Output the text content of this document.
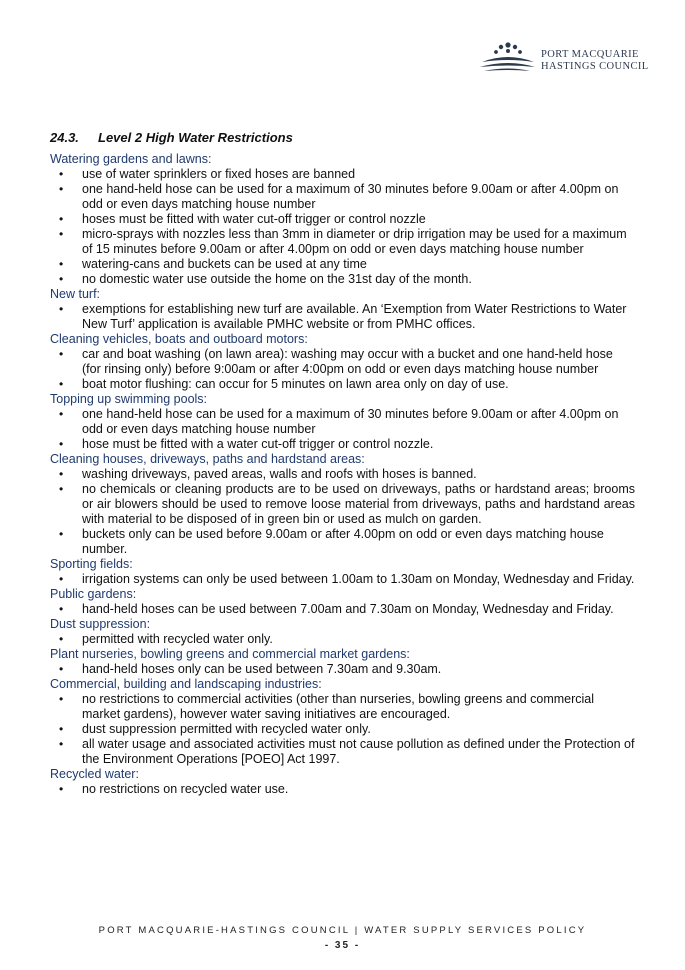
PORT MACQUARIE
HASTINGS COUNCIL
24.3. Level 2 High Water Restrictions
Watering gardens and lawns:
• use of water sprinklers or fixed hoses are banned
• one hand-held hose can be used for a maximum of 30 minutes before 9.00am or after 4.00pm on odd or even days matching house number
• hoses must be fitted with water cut-off trigger or control nozzle
• micro-sprays with nozzles less than 3mm in diameter or drip irrigation may be used for a maximum of 15 minutes before 9.00am or after 4.00pm on odd or even days matching house number
• watering-cans and buckets can be used at any time
• no domestic water use outside the home on the 31st day of the month.
New turf:
• exemptions for establishing new turf are available. An ‘Exemption from Water Restrictions to Water New Turf’ application is available PMHC website or from PMHC offices.
Cleaning vehicles, boats and outboard motors:
• car and boat washing (on lawn area): washing may occur with a bucket and one hand-held hose (for rinsing only) before 9:00am or after 4:00pm on odd or even days matching house number
• boat motor flushing: can occur for 5 minutes on lawn area only on day of use.
Topping up swimming pools:
• one hand-held hose can be used for a maximum of 30 minutes before 9.00am or after 4.00pm on odd or even days matching house number
• hose must be fitted with a water cut-off trigger or control nozzle.
Cleaning houses, driveways, paths and hardstand areas:
• washing driveways, paved areas, walls and roofs with hoses is banned.
• no chemicals or cleaning products are to be used on driveways, paths or hardstand areas; brooms or air blowers should be used to remove loose material from driveways, paths and hardstand areas with material to be disposed of in green bin or used as mulch on garden.
• buckets only can be used before 9.00am or after 4.00pm on odd or even days matching house number.
Sporting fields:
• irrigation systems can only be used between 1.00am to 1.30am on Monday, Wednesday and Friday.
Public gardens:
• hand-held hoses can be used between 7.00am and 7.30am on Monday, Wednesday and Friday.
Dust suppression:
• permitted with recycled water only.
Plant nurseries, bowling greens and commercial market gardens:
• hand-held hoses only can be used between 7.30am and 9.30am.
Commercial, building and landscaping industries:
• no restrictions to commercial activities (other than nurseries, bowling greens and commercial market gardens), however water saving initiatives are encouraged.
• dust suppression permitted with recycled water only.
• all water usage and associated activities must not cause pollution as defined under the Protection of the Environment Operations [POEO] Act 1997.
Recycled water:
• no restrictions on recycled water use.
PORT MACQUARIE-HASTINGS COUNCIL | WATER SUPPLY SERVICES POLICY
- 35 -
